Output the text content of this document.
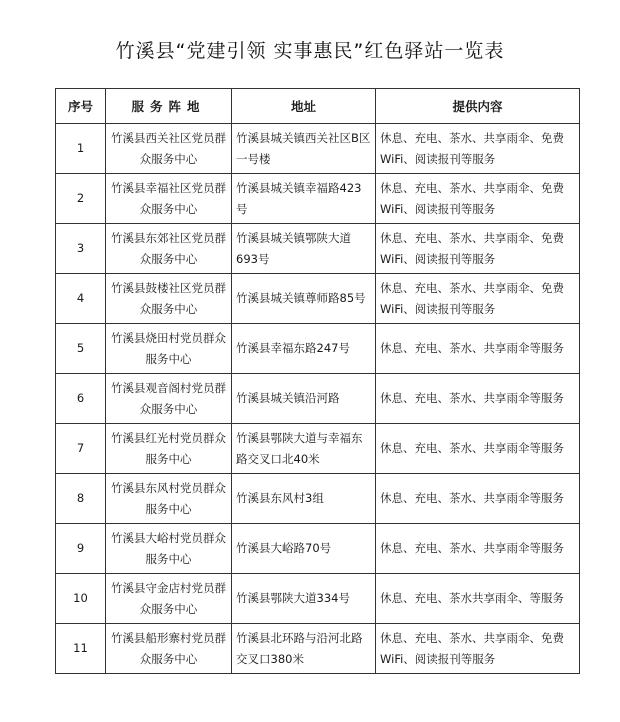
竹溪县“党建引领 实事惠民”红色驿站一览表
序号	服务阵地	地址	提供内容
1	竹溪县西关社区党员群众服务中心	竹溪县城关镇西关社区B区一号楼	休息、充电、茶水、共享雨伞、免费WiFi、阅读报刊等服务
2	竹溪县幸福社区党员群众服务中心	竹溪县城关镇幸福路423号	休息、充电、茶水、共享雨伞、免费WiFi、阅读报刊等服务
3	竹溪县东郊社区党员群众服务中心	竹溪县城关镇鄂陕大道693号	休息、充电、茶水、共享雨伞、免费WiFi、阅读报刊等服务
4	竹溪县鼓楼社区党员群众服务中心	竹溪县城关镇尊师路85号	休息、充电、茶水、共享雨伞、免费WiFi、阅读报刊等服务
5	竹溪县烧田村党员群众服务中心	竹溪县幸福东路247号	休息、充电、茶水、共享雨伞等服务
6	竹溪县观音阁村党员群众服务中心	竹溪县城关镇沿河路	休息、充电、茶水、共享雨伞等服务
7	竹溪县红光村党员群众服务中心	竹溪县鄂陕大道与幸福东路交叉口北40米	休息、充电、茶水、共享雨伞等服务
8	竹溪县东风村党员群众服务中心	竹溪县东风村3组	休息、充电、茶水、共享雨伞等服务
9	竹溪县大峪村党员群众服务中心	竹溪县大峪路70号	休息、充电、茶水、共享雨伞等服务
10	竹溪县守金店村党员群众服务中心	竹溪县鄂陕大道334号	休息、充电、茶水共享雨伞、等服务
11	竹溪县船形寨村党员群众服务中心	竹溪县北环路与沿河北路交叉口380米	休息、充电、茶水、共享雨伞、免费WiFi、阅读报刊等服务
